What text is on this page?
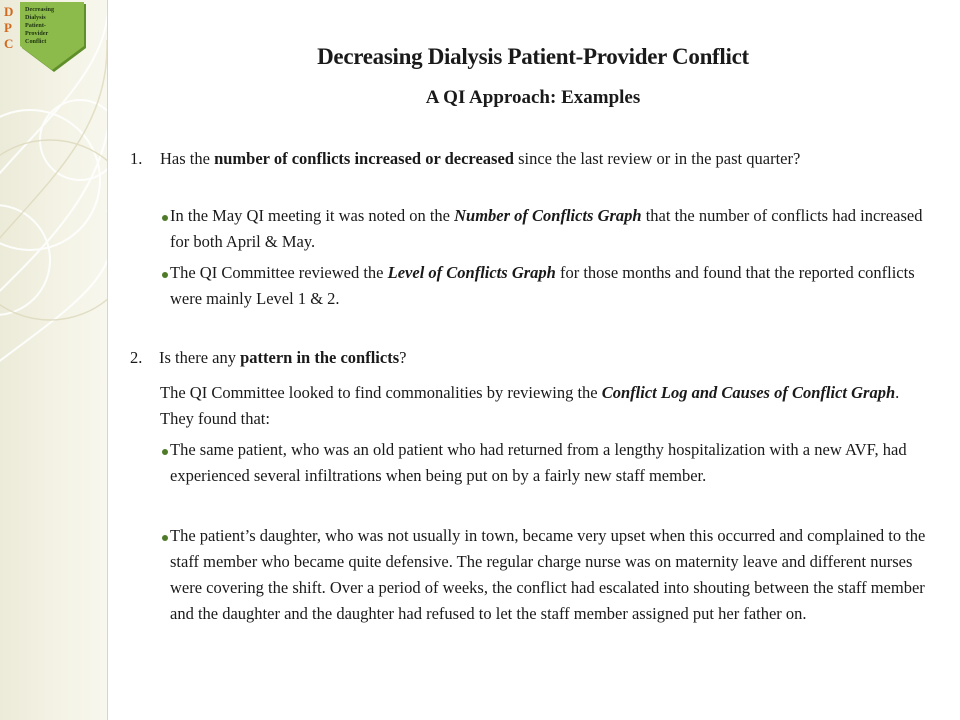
D
P
C
Decreasing
Dialysis
Patient-
Provider
Conflict
Decreasing Dialysis Patient-Provider Conflict
A QI Approach: Examples
1.	Has the number of conflicts increased or decreased since the last review or in the past quarter?

In the May QI meeting it was noted on the Number of Conflicts Graph that the number of conflicts had increased for both April & May.

The QI Committee reviewed the Level of Conflicts Graph for those months and found that the reported conflicts were mainly Level 1 & 2.

2. Is there any pattern in the conflicts?

The QI Committee looked to find commonalities by reviewing the Conflict Log and Causes of Conflict Graph. They found that:

The same patient, who was an old patient who had returned from a lengthy hospitalization with a new AVF, had experienced several infiltrations when being put on by a fairly new staff member.

The patient’s daughter, who was not usually in town, became very upset when this occurred and complained to the staff member who became quite defensive. The regular charge nurse was on maternity leave and different nurses were covering the shift. Over a period of weeks, the conflict had escalated into shouting between the staff member and the daughter and the daughter had refused to let the staff member assigned put her father on.
